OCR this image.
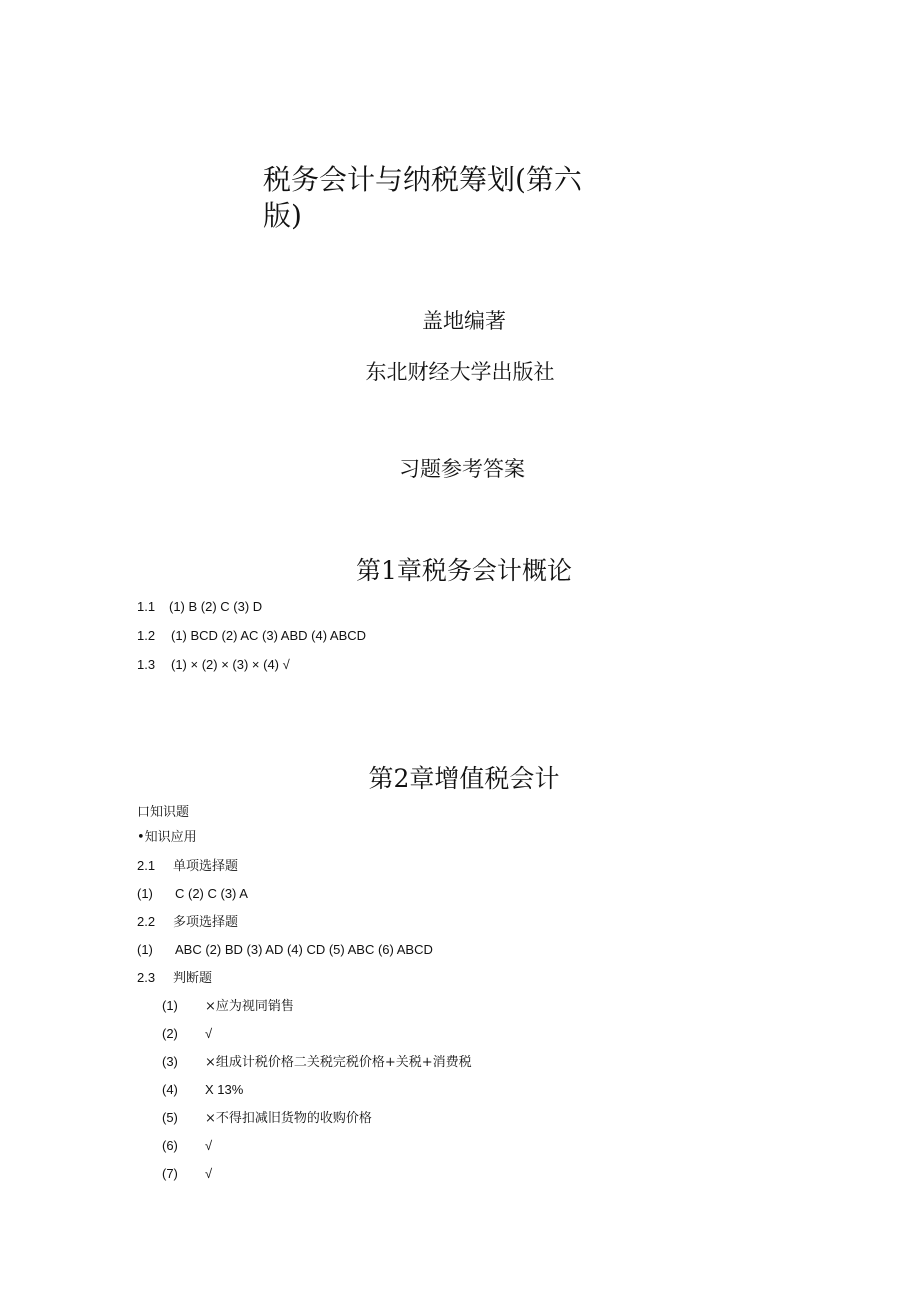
税务会计与纳税筹划(第六版)
盖地编著
东北财经大学出版社
习题参考答案
第1章税务会计概论
1.1 (1) B (2) C (3) D
1.2 (1) BCD (2) AC (3) ABD (4) ABCD
1.3 (1) × (2) × (3) × (4) √
第2章增值税会计
口知识题
•知识应用
2.1 单项选择题
(1) C (2) C (3) A
2.2 多项选择题
(1) ABC (2) BD (3) AD (4) CD (5) ABC (6) ABCD
2.3 判断题
(1) ×应为视同销售
(2) √
(3) ×组成计税价格二关税完税价格+关税+消费税
(4) X 13%
(5) ×不得扣减旧货物的收购价格
(6) √
(7) √
